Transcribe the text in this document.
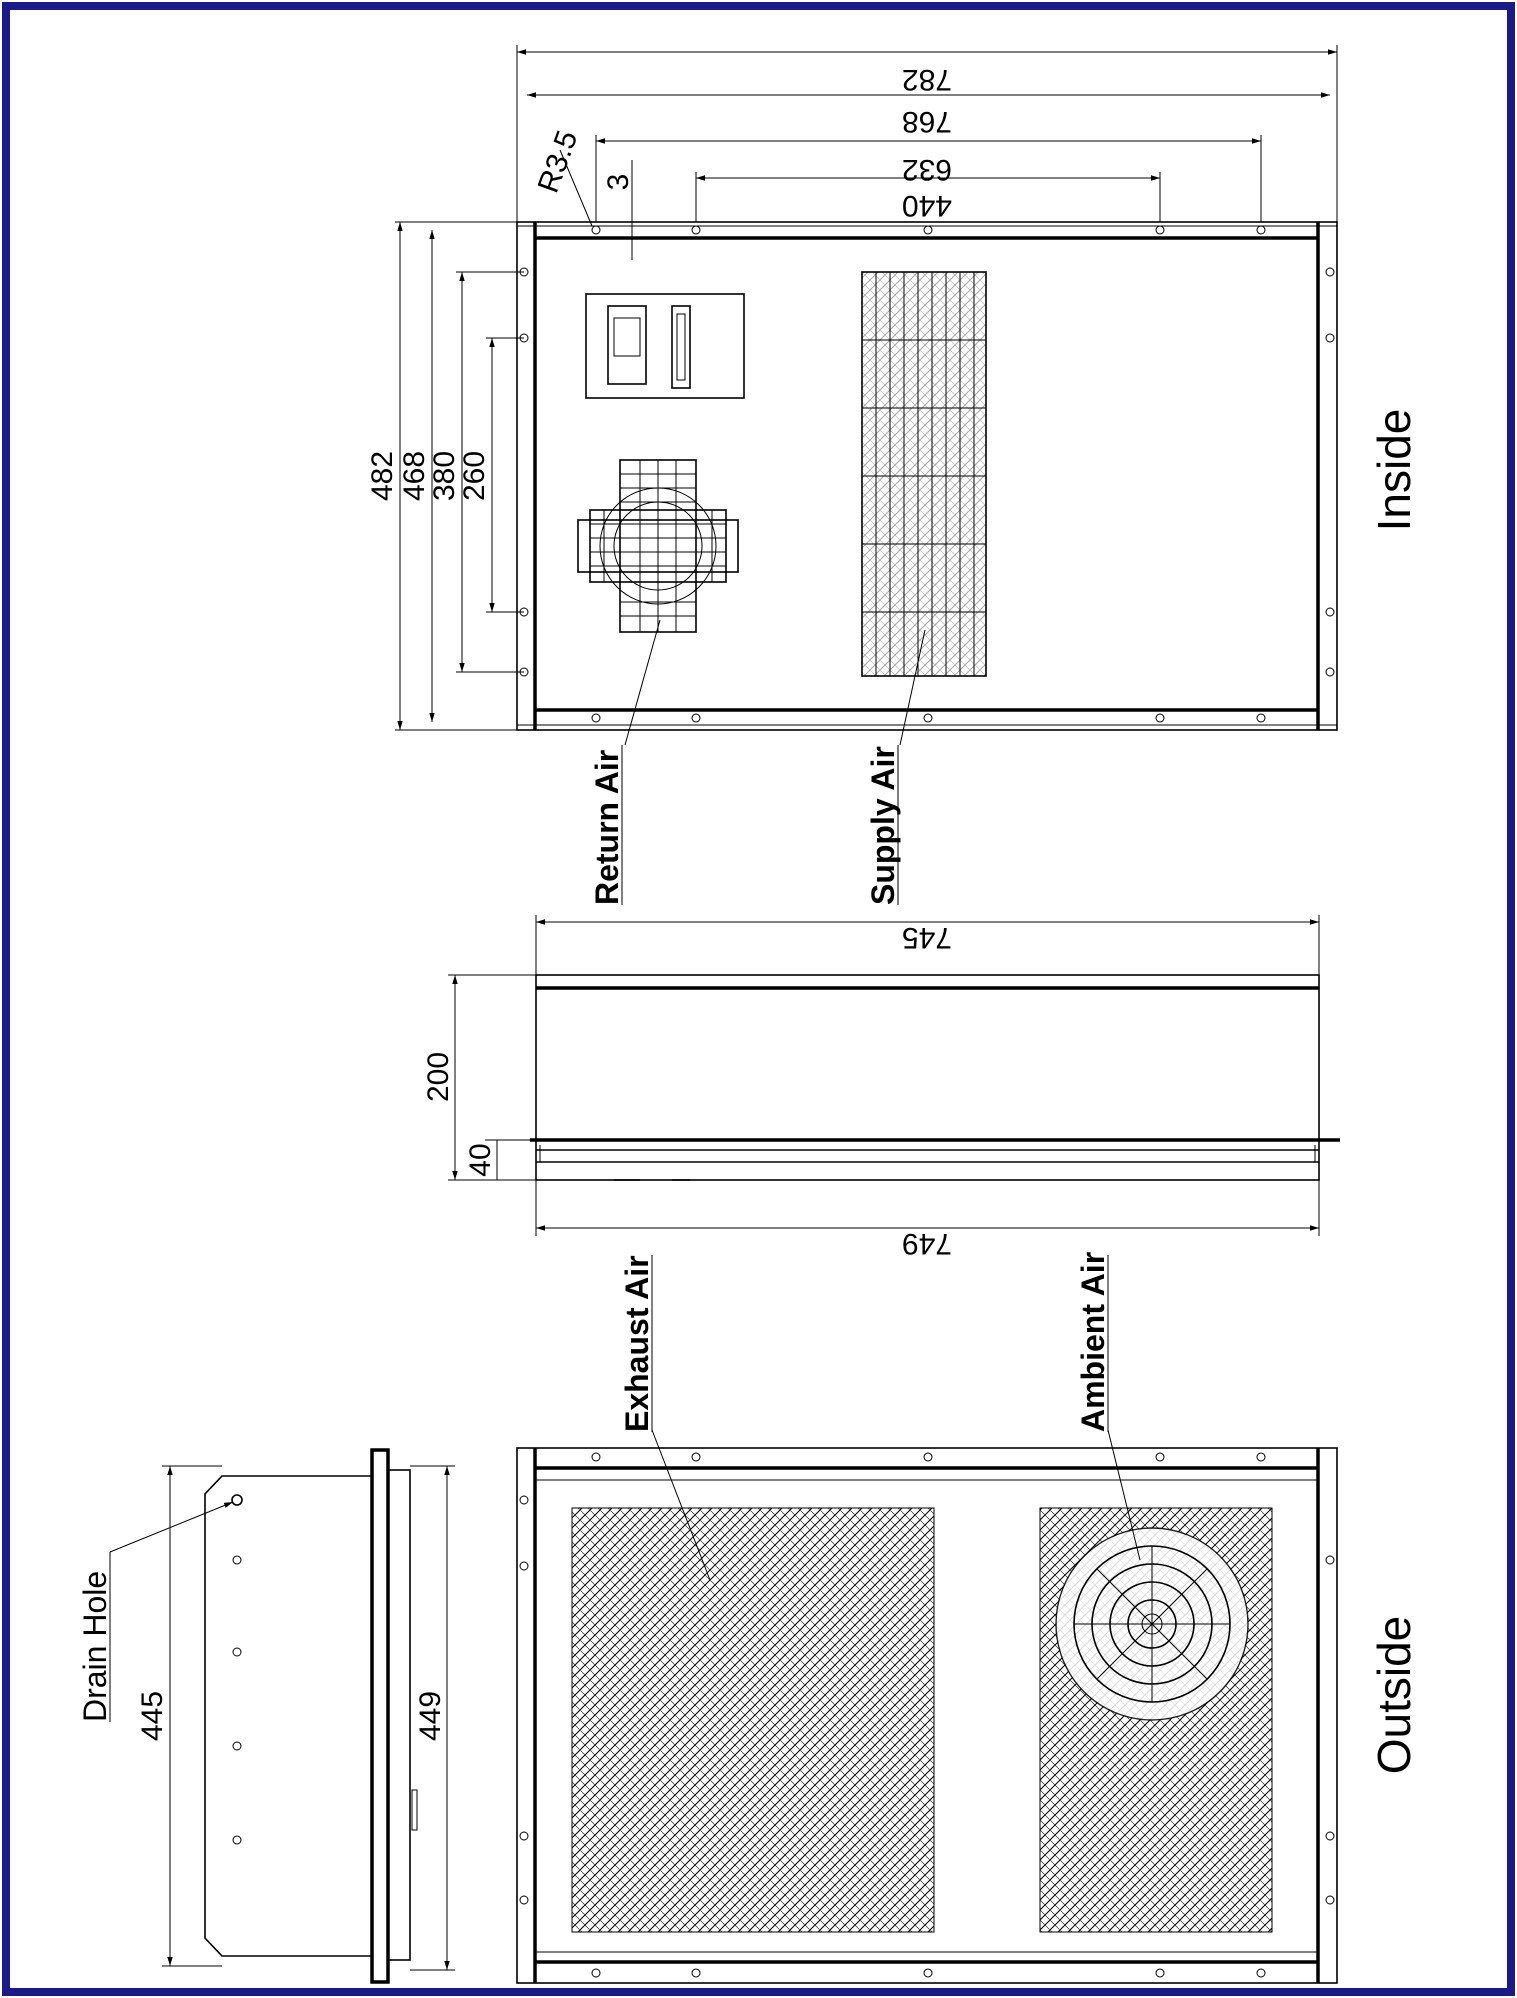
782
768
632
440
3
R3.5
482 468
380
260
745
200
40
749
445	449
Return Air	Supply Air
Exhaust Air	Ambient Air
Drain Hole
Inside
Outside
